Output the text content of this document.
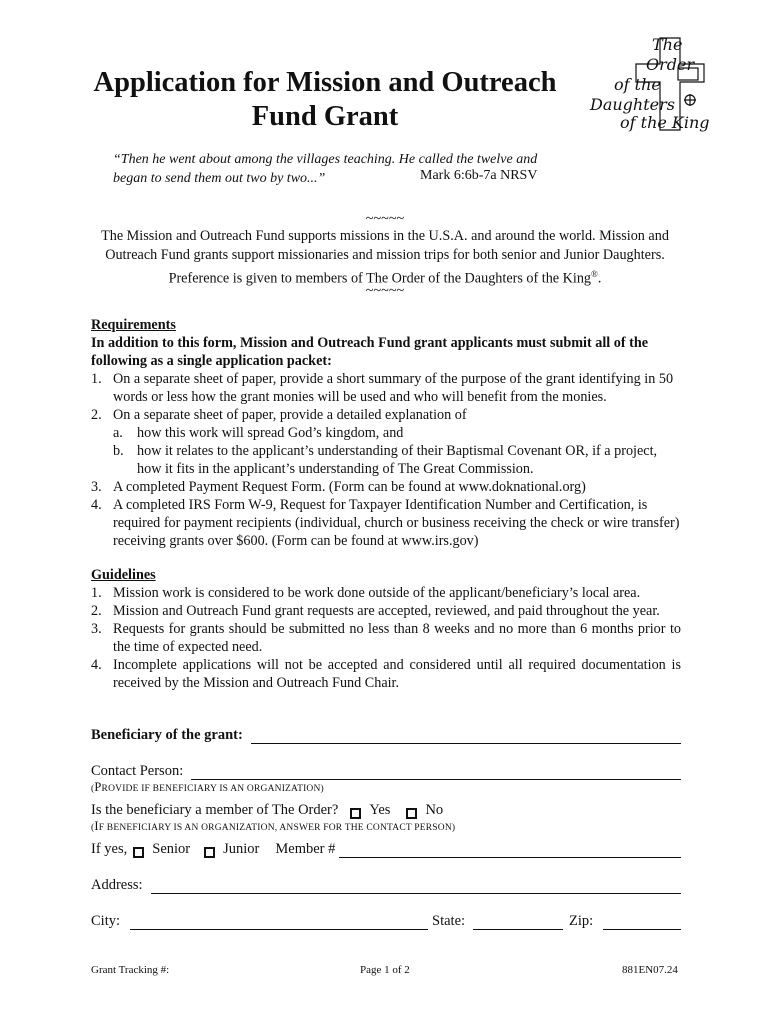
Application for Mission and Outreach Fund Grant
The
Order
of the
Daughters
of the King
“Then he went about among the villages teaching. He called the twelve and began to send them out two by two...”	Mark 6:6b-7a NRSV
~~~~~
The Mission and Outreach Fund supports missions in the U.S.A. and around the world. Mission and Outreach Fund grants support missionaries and mission trips for both senior and Junior Daughters. Preference is given to members of The Order of the Daughters of the King®.
~~~~~
Requirements
In addition to this form, Mission and Outreach Fund grant applicants must submit all of the following as a single application packet:
1. On a separate sheet of paper, provide a short summary of the purpose of the grant identifying in 50 words or less how the grant monies will be used and who will benefit from the monies.
2. On a separate sheet of paper, provide a detailed explanation of
a. how this work will spread God’s kingdom, and
b. how it relates to the applicant’s understanding of their Baptismal Covenant OR, if a project, how it fits in the applicant’s understanding of The Great Commission.
3. A completed Payment Request Form. (Form can be found at www.doknational.org)
4. A completed IRS Form W-9, Request for Taxpayer Identification Number and Certification, is required for payment recipients (individual, church or business receiving the check or wire transfer) receiving grants over $600. (Form can be found at www.irs.gov)
Guidelines
1. Mission work is considered to be work done outside of the applicant/beneficiary’s local area.
2. Mission and Outreach Fund grant requests are accepted, reviewed, and paid throughout the year.
3. Requests for grants should be submitted no less than 8 weeks and no more than 6 months prior to the time of expected need.
4. Incomplete applications will not be accepted and considered until all required documentation is received by the Mission and Outreach Fund Chair.
Beneficiary of the grant:
Contact Person:
(PROVIDE IF BENEFICIARY IS AN ORGANIZATION)
Is the beneficiary a member of The Order? Yes No
(IF BENEFICIARY IS AN ORGANIZATION, ANSWER FOR THE CONTACT PERSON)
If yes, Senior Junior Member #
Address:
City:	State:	Zip:
Grant Tracking #:	Page 1 of 2	881EN07.24
